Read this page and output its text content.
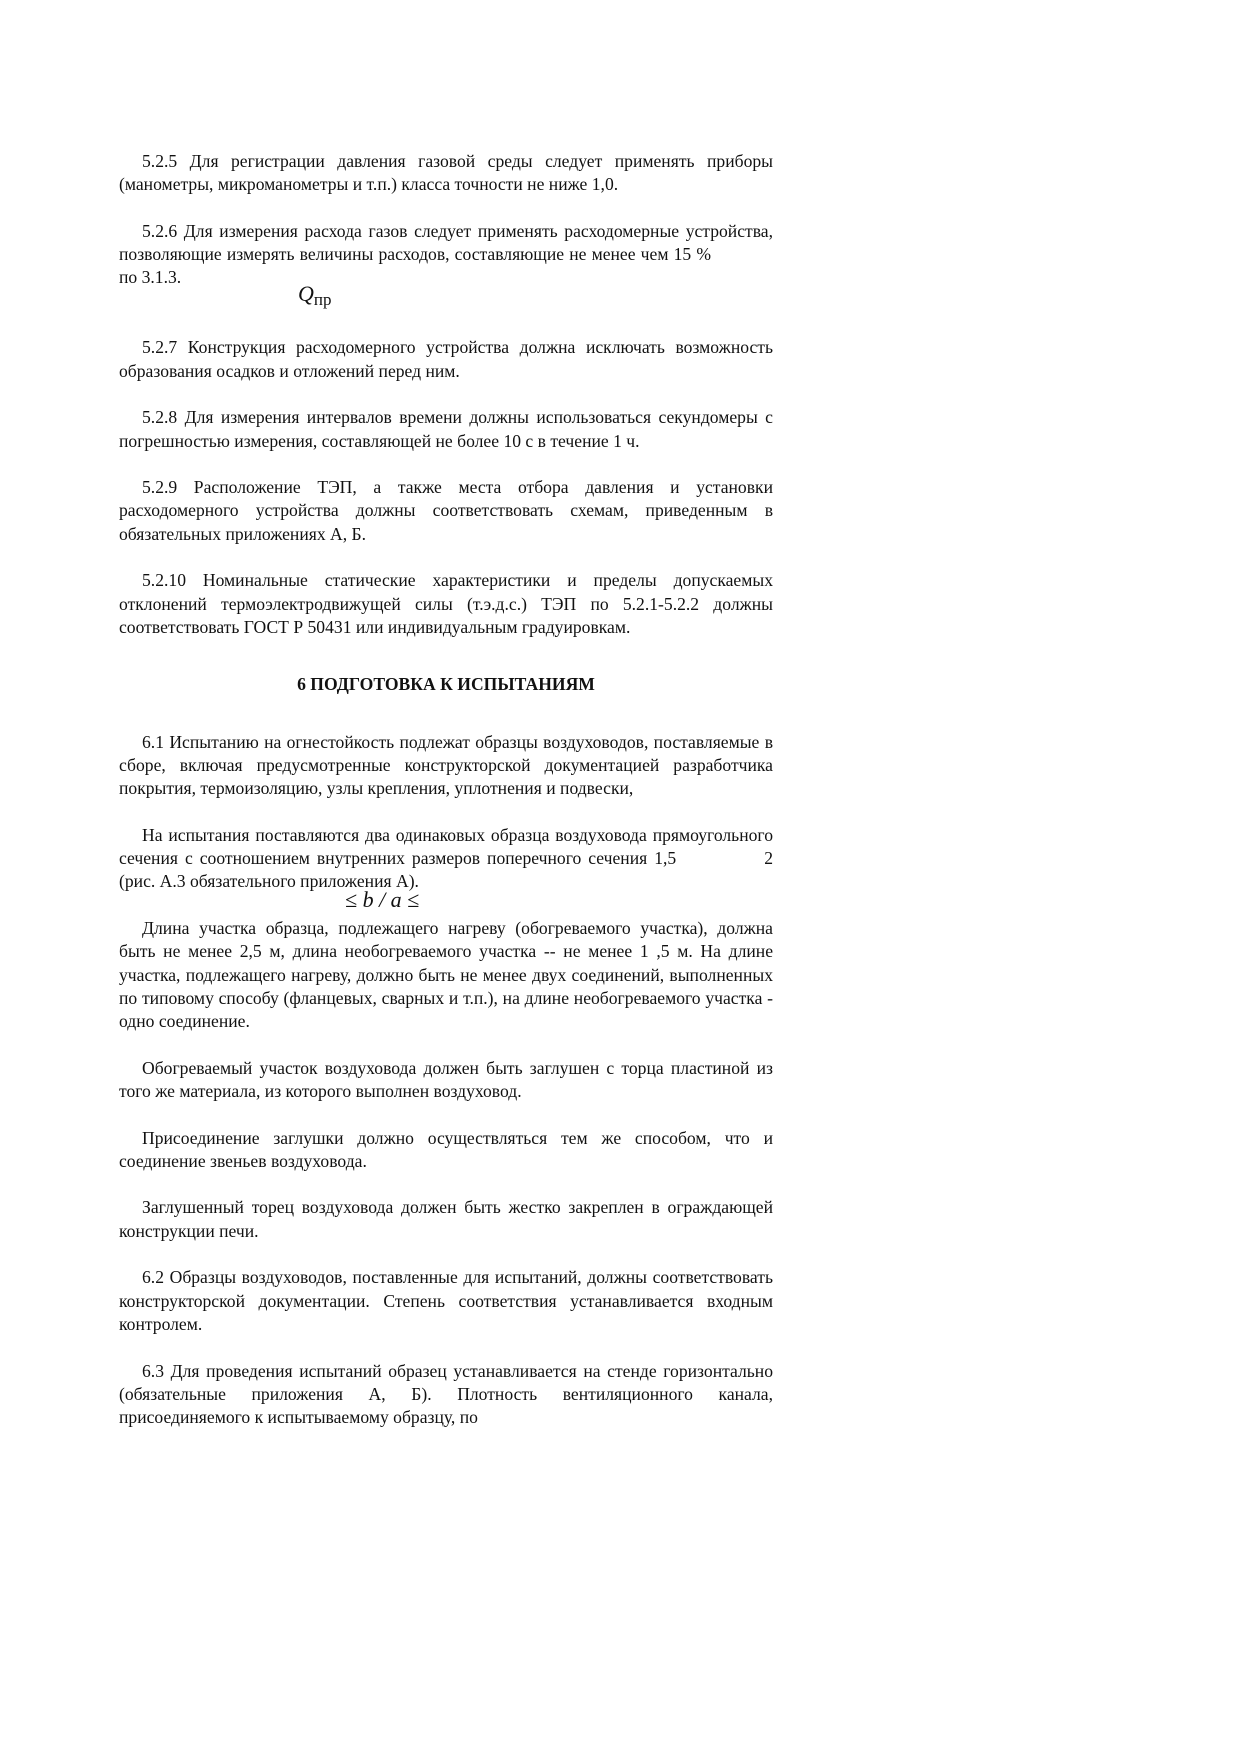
5.2.5 Для регистрации давления газовой среды следует применять приборы (манометры, микроманометры и т.п.) класса точности не ниже 1,0.

5.2.6 Для измерения расхода газов следует применять расходомерные устройства, позволяющие измерять величины расходов, составляющие не менее чем 15 %по 3.1.3.

$Q_{пр}$

5.2.7 Конструкция расходомерного устройства должна исключать возможность образования осадков и отложений перед ним.

5.2.8 Для измерения интервалов времени должны использоваться секундомеры с погрешностью измерения, составляющей не более 10 с в течение 1 ч.

5.2.9 Расположение ТЭП, а также места отбора давления и установки расходомерного устройства должны соответствовать схемам, приведенным в обязательных приложениях А, Б.

5.2.10 Номинальные статические характеристики и пределы допускаемых отклонений термоэлектродвижущей силы (т.э.д.с.) ТЭП по 5.2.1-5.2.2 должны соответствовать ГОСТ Р 50431 или индивидуальным градуировкам.

6 ПОДГОТОВКА К ИСПЫТАНИЯМ

6.1 Испытанию на огнестойкость подлежат образцы воздуховодов, поставляемые в сборе, включая предусмотренные конструкторской документацией разработчика покрытия, термоизоляцию, узлы крепления, уплотнения и подвески,

На испытания поставляются два одинаковых образца воздуховода прямоугольного сечения с соотношением внутренних размеров поперечного сечения 1,5	2 (рис. А.3 обязательного приложения А).

≤ b / a ≤

Длина участка образца, подлежащего нагреву (обогреваемого участка), должна быть не менее 2,5 м, длина необогреваемого участка -- не менее 1 ,5 м. На длине участка, подлежащего нагреву, должно быть не менее двух соединений, выполненных по типовому способу (фланцевых, сварных и т.п.), на длине необогреваемого участка - одно соединение.

Обогреваемый участок воздуховода должен быть заглушен с торца пластиной из того же материала, из которого выполнен воздуховод.

Присоединение заглушки должно осуществляться тем же способом, что и соединение звеньев воздуховода.

Заглушенный торец воздуховода должен быть жестко закреплен в ограждающей конструкции печи.

6.2 Образцы воздуховодов, поставленные для испытаний, должны соответствовать конструкторской документации. Степень соответствия устанавливается входным контролем.

6.3 Для проведения испытаний образец устанавливается на стенде горизонтально (обязательные приложения А, Б). Плотность вентиляционного канала, присоединяемого к испытываемому образцу, по
